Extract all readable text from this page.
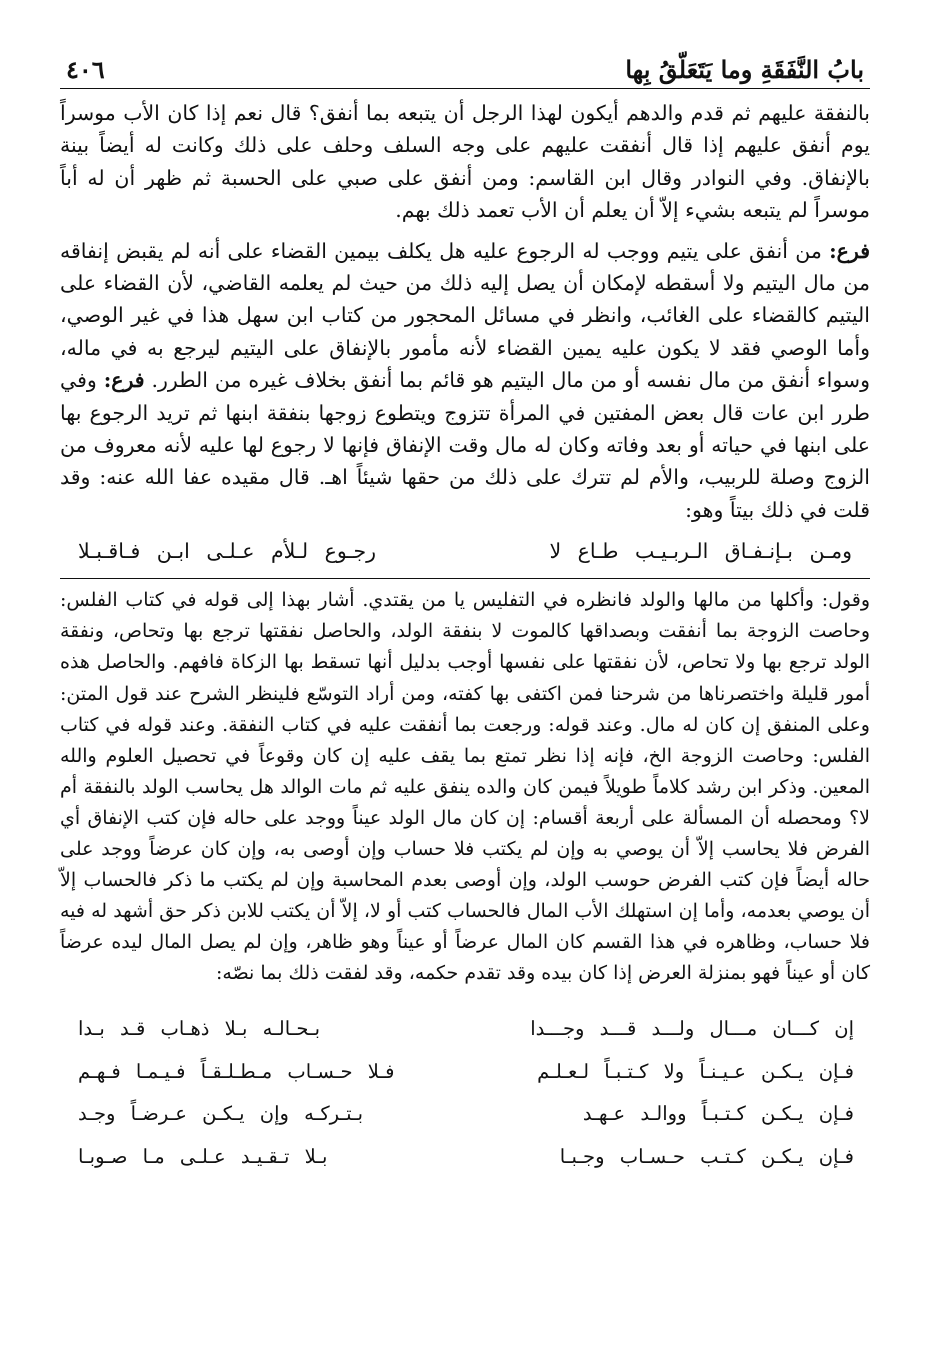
بابُ النَّفَقَةِ وما يَتَعَلّقُ بِها
٤٠٦

بالنفقة عليهم ثم قدم والدهم أيكون لهذا الرجل أن يتبعه بما أنفق؟ قال نعم إذا كان الأب موسراً يوم أنفق عليهم إذا قال أنفقت عليهم على وجه السلف وحلف على ذلك وكانت له أيضاً بينة بالإنفاق. وفي النوادر وقال ابن القاسم: ومن أنفق على صبي على الحسبة ثم ظهر أن له أباً موسراً لم يتبعه بشيء إلاّ أن يعلم أن الأب تعمد ذلك بهم.

فرع: من أنفق على يتيم ووجب له الرجوع عليه هل يكلف بيمين القضاء على أنه لم يقبض إنفاقه من مال اليتيم ولا أسقطه لإمكان أن يصل إليه ذلك من حيث لم يعلمه القاضي، لأن القضاء على اليتيم كالقضاء على الغائب، وانظر في مسائل المحجور من كتاب ابن سهل هذا في غير الوصي، وأما الوصي فقد لا يكون عليه يمين القضاء لأنه مأمور بالإنفاق على اليتيم ليرجع به في ماله، وسواء أنفق من مال نفسه أو من مال اليتيم هو قائم بما أنفق بخلاف غيره من الطرر. فرع: وفي طرر ابن عات قال بعض المفتين في المرأة تتزوج ويتطوع زوجها بنفقة ابنها ثم تريد الرجوع بها على ابنها في حياته أو بعد وفاته وكان له مال وقت الإنفاق فإنها لا رجوع لها عليه لأنه معروف من الزوج وصلة للربيب، والأم لم تترك على ذلك من حقها شيئاً اهـ. قال مقيده عفا الله عنه: وقد قلت في ذلك بيتاً وهو:

ومـن بـإنـفـاق الـربـيـب طـاع لا
رجـوع لـلأم عـلـى ابـن فـاقـبـلا

وقول: وأكلها من مالها والولد فانظره في التفليس يا من يقتدي. أشار بهذا إلى قوله في كتاب الفلس: وحاصت الزوجة بما أنفقت وبصداقها كالموت لا بنفقة الولد، والحاصل نفقتها ترجع بها وتحاص، ونفقة الولد ترجع بها ولا تحاص، لأن نفقتها على نفسها أوجب بدليل أنها تسقط بها الزكاة فافهم. والحاصل هذه أمور قليلة واختصرناها من شرحنا فمن اكتفى بها كفته، ومن أراد التوسّع فلينظر الشرح عند قول المتن: وعلى المنفق إن كان له مال. وعند قوله: ورجعت بما أنفقت عليه في كتاب النفقة. وعند قوله في كتاب الفلس: وحاصت الزوجة الخ، فإنه إذا نظر تمتع بما يقف عليه إن كان وقوعاً في تحصيل العلوم والله المعين. وذكر ابن رشد كلاماً طويلاً فيمن كان والده ينفق عليه ثم مات الوالد هل يحاسب الولد بالنفقة أم لا؟ ومحصله أن المسألة على أربعة أقسام: إن كان مال الولد عيناً ووجد على حاله فإن كتب الإنفاق أي الفرض فلا يحاسب إلاّ أن يوصي به وإن لم يكتب فلا حساب وإن أوصى به، وإن كان عرضاً ووجد على حاله أيضاً فإن كتب الفرض حوسب الولد، وإن أوصى بعدم المحاسبة وإن لم يكتب ما ذكر فالحساب إلاّ أن يوصي بعدمه، وأما إن استهلك الأب المال فالحساب كتب أو لا، إلاّ أن يكتب للابن ذكر حق أشهد له فيه فلا حساب، وظاهره في هذا القسم كان المال عرضاً أو عيناً وهو ظاهر، وإن لم يصل المال ليده عرضاً كان أو عيناً فهو بمنزلة العرض إذا كان بيده وقد تقدم حكمه، وقد لفقت ذلك بما نصّه:

إن كـــان مـــال ولـــد قـــد وجـــدا
بـحـالـه بـلا ذهـاب قـد بـدا
فـإن يـكـن عـيـنـاً ولا كـتـبـاً لـعـلـم
فـلا حـسـاب مـطـلـقـاً فـيـمـا فـهـم
فـإن يـكـن كـتـبـاً ووالـد عـهـد
بـتـركـه وإن يـكـن عـرضـاً وجـد
فـإن يـكـن كـتـب حـسـاب وجـبـا
بـلا تـقـيـد عـلـى مـا صـوبـا
